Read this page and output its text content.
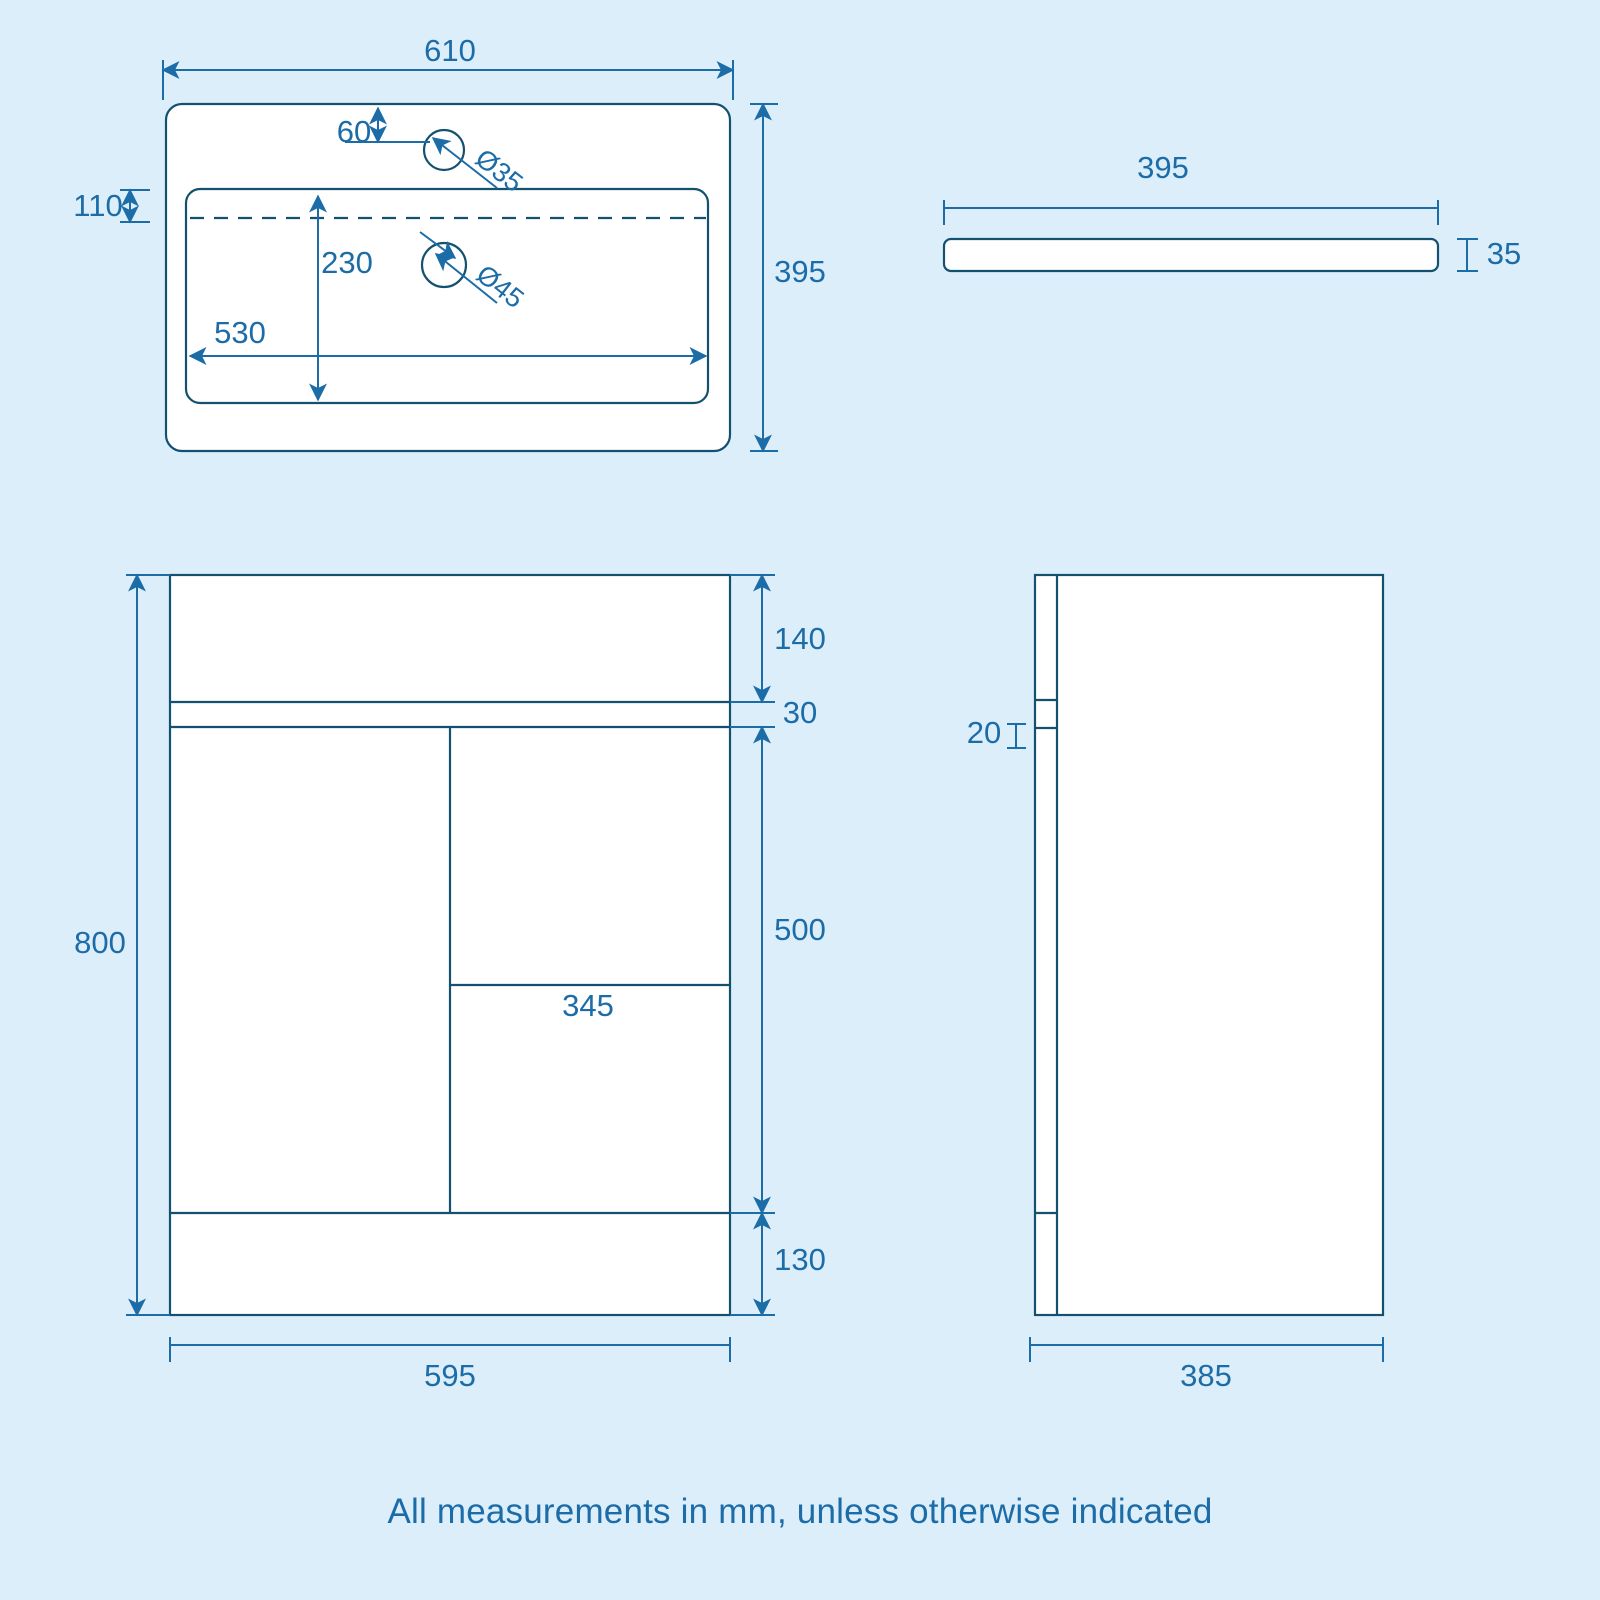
610
395
110
60
Ø35
Ø45
230
530
395
35
800
140
30
500
130
345
595
20
385
All measurements in mm, unless otherwise indicated
